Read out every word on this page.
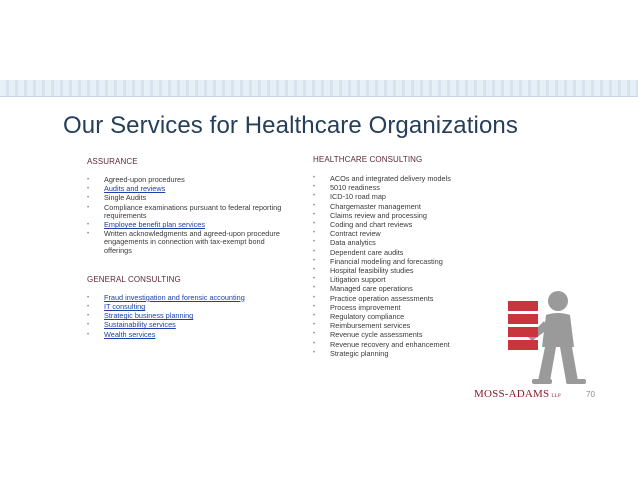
Our Services for Healthcare Organizations
ASSURANCE
• Agreed-upon procedures
• Audits and reviews
• Single Audits
• Compliance examinations pursuant to federal reporting requirements
• Employee benefit plan services
• Written acknowledgments and agreed-upon procedure engagements in connection with tax-exempt bond offerings
GENERAL CONSULTING
• Fraud investigation and forensic accounting
• IT consulting
• Strategic business planning
• Sustainability services
• Wealth services
HEALTHCARE CONSULTING
• ACOs and integrated delivery models
• 5010 readiness
• ICD-10 road map
• Chargemaster management
• Claims review and processing
• Coding and chart reviews
• Contract review
• Data analytics
• Dependent care audits
• Financial modeling and forecasting
• Hospital feasibility studies
• Litigation support
• Managed care operations
• Practice operation assessments
• Process improvement
• Regulatory compliance
• Reimbursement services
• Revenue cycle assessments
• Revenue recovery and enhancement
• Strategic planning
MOSS-ADAMS LLP	70
